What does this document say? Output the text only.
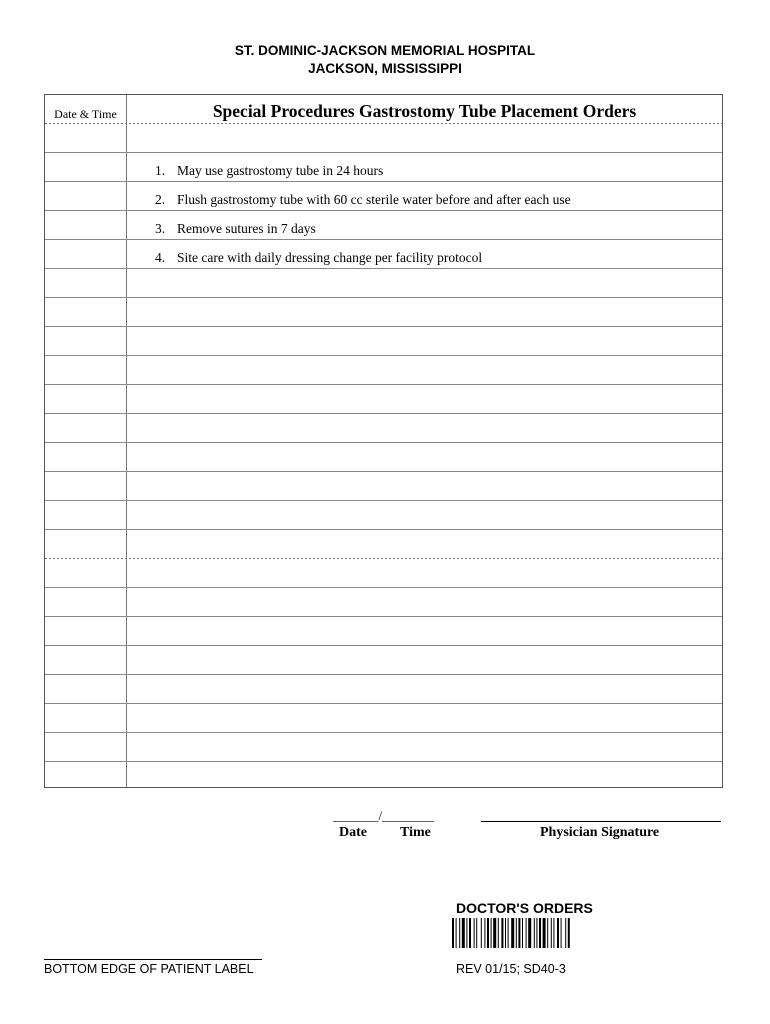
ST. DOMINIC-JACKSON MEMORIAL HOSPITAL
JACKSON, MISSISSIPPI
Date & Time	Special Procedures Gastrostomy Tube Placement Orders
1. May use gastrostomy tube in 24 hours
2. Flush gastrostomy tube with 60 cc sterile water before and after each use
3. Remove sutures in 7 days
4. Site care with daily dressing change per facility protocol
_______/________
Date Time	Physician Signature
DOCTOR'S ORDERS
BOTTOM EDGE OF PATIENT LABEL	REV 01/15; SD40-3
